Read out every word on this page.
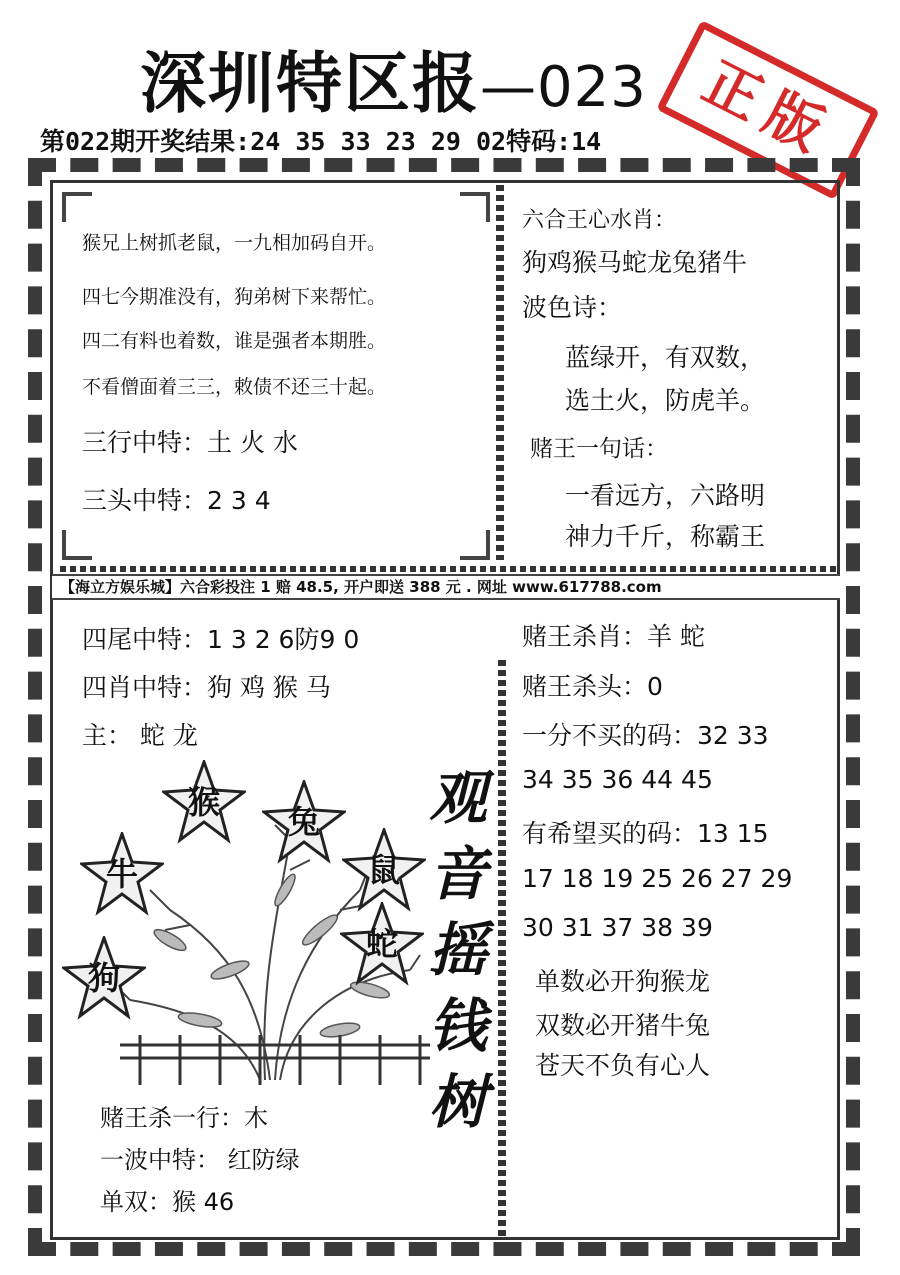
深圳特区报—023 正版
第022期开奖结果:24 35 33 23 29 02特码:14
猴兄上树抓老鼠，一九相加码自开。
四七今期准没有，狗弟树下来帮忙。
四二有料也着数，谁是强者本期胜。
不看僧面着三三，敕债不还三十起。
三行中特：土 火 水
三头中特：2 3 4
六合王心水肖：
狗鸡猴马蛇龙兔猪牛
波色诗：
蓝绿开，有双数，
选土火，防虎羊。
赌王一句话：
一看远方，六路明
神力千斤，称霸王
【海立方娱乐城】六合彩投注 1 赔 48.5, 开户即送 388 元 . 网址 www.617788.com
四尾中特：1 3 2 6防9 0
四肖中特：狗 鸡 猴 马
主： 蛇 龙
观音摇钱树
猴
兔
牛	鼠
蛇
狗
赌王杀一行：木
一波中特： 红防绿
单双：猴 46
赌王杀肖：羊 蛇
赌王杀头：0
一分不买的码：32 33
34 35 36 44 45
有希望买的码：13 15
17 18 19 25 26 27 29
30 31 37 38 39
单数必开狗猴龙
双数必开猪牛兔
苍天不负有心人
